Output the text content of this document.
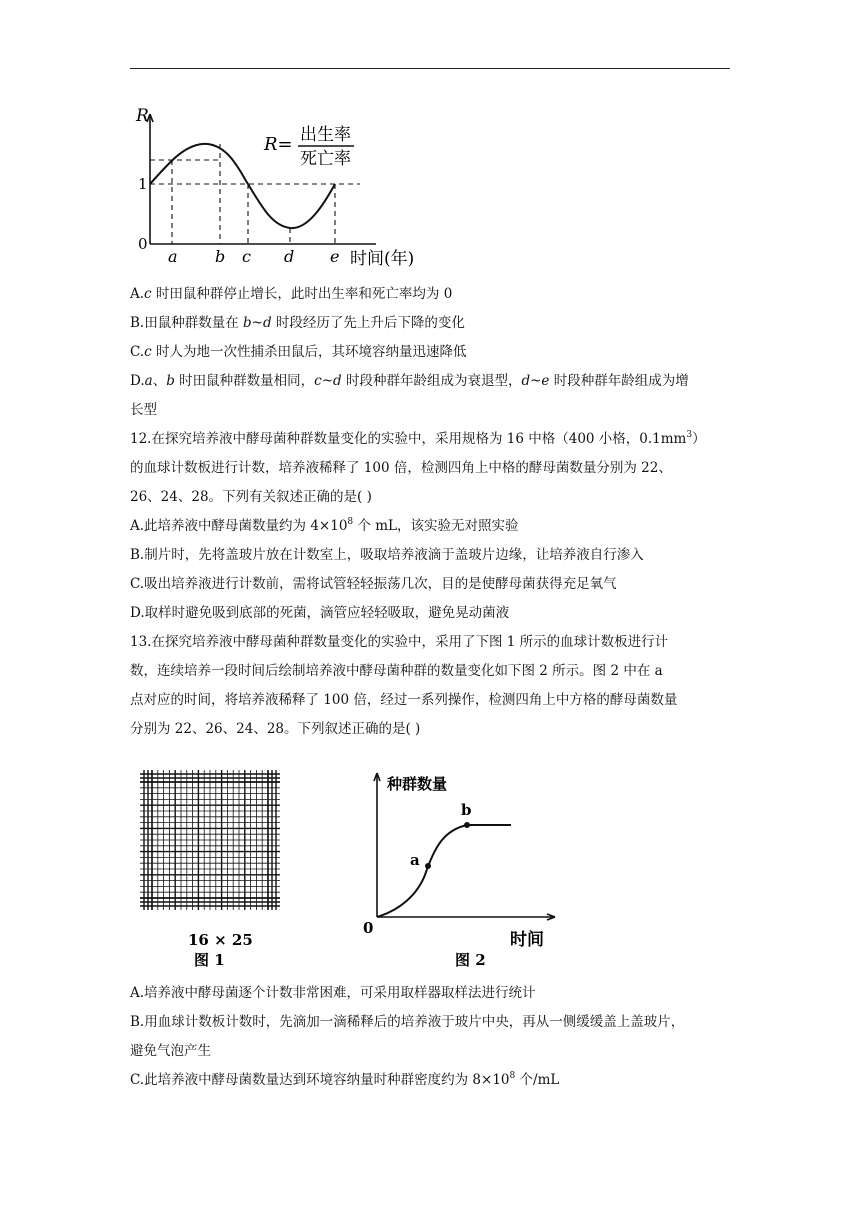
R
1
0
a b c d e 时间(年)
R= 出生率
死亡率
A.c 时田鼠种群停止增长，此时出生率和死亡率均为 0
B.田鼠种群数量在 b~d 时段经历了先上升后下降的变化
C.c 时人为地一次性捕杀田鼠后，其环境容纳量迅速降低
D.a、b 时田鼠种群数量相同，c~d 时段种群年龄组成为衰退型，d~e 时段种群年龄组成为增
长型
12.在探究培养液中酵母菌种群数量变化的实验中，采用规格为 16 中格（400 小格，$0.1mm^3$）
的血球计数板进行计数，培养液稀释了 100 倍，检测四角上中格的酵母菌数量分别为 22、
26、24、28。下列有关叙述正确的是( )
A.此培养液中酵母菌数量约为 $4\times 10^8$ 个 mL，该实验无对照实验
B.制片时，先将盖玻片放在计数室上，吸取培养液滴于盖玻片边缘，让培养液自行渗入
C.吸出培养液进行计数前，需将试管轻轻振荡几次，目的是使酵母菌获得充足氧气
D.取样时避免吸到底部的死菌，滴管应轻轻吸取，避免晃动菌液
13.在探究培养液中酵母菌种群数量变化的实验中，采用了下图 1 所示的血球计数板进行计
数，连续培养一段时间后绘制培养液中酵母菌种群的数量变化如下图 2 所示。图 2 中在 a
点对应的时间，将培养液稀释了 100 倍，经过一系列操作，检测四角上中方格的酵母菌数量
分别为 22、26、24、28。下列叙述正确的是( )
16 × 25
图 1
种群数量
时间
0
a
b
图 2
A.培养液中酵母菌逐个计数非常困难，可采用取样器取样法进行统计
B.用血球计数板计数时，先滴加一滴稀释后的培养液于玻片中央，再从一侧缓缓盖上盖玻片，
避免气泡产生
C.此培养液中酵母菌数量达到环境容纳量时种群密度约为 $8\times 10^8$ 个/mL
